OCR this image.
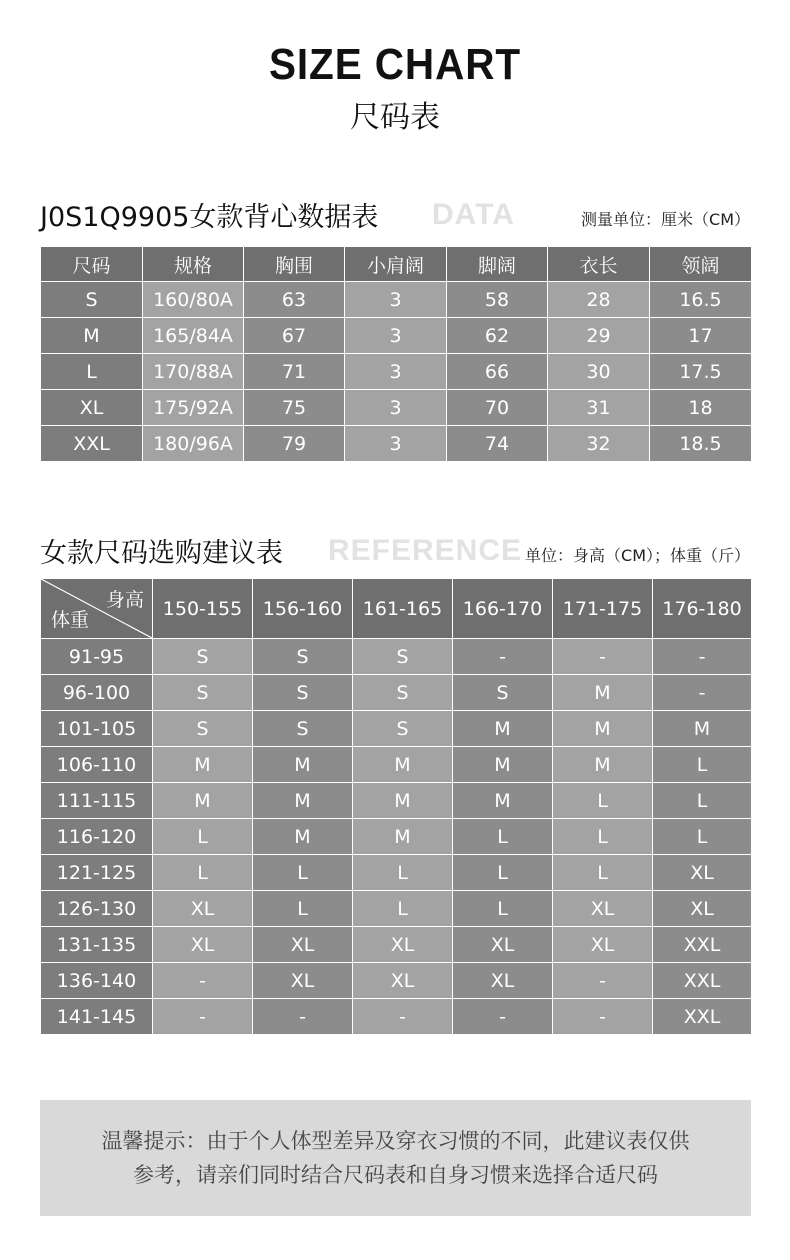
SIZE CHART
尺码表
J0S1Q9905女款背心数据表 DATA	测量单位：厘米（CM）
尺码	规格	胸围	小肩阔	脚阔	衣长	领阔
S	160/80A	63	3	58	28	16.5
M	165/84A	67	3	62	29	17
L	170/88A	71	3	66	30	17.5
XL	175/92A	75	3	70	31	18
XXL	180/96A	79	3	74	32	18.5
女款尺码选购建议表 REFERENCE 单位：身高（CM）；体重（斤）
身高
体重	150-155	156-160	161-165	166-170	171-175	176-180
91-95	S	S	S	-	-	-
96-100	S	S	S	S	M	-
101-105	S	S	S	M	M	M
106-110	M	M	M	M	M	L
111-115	M	M	M	M	L	L
116-120	L	M	M	L	L	L
121-125	L	L	L	L	L	XL
126-130	XL	L	L	L	XL	XL
131-135	XL	XL	XL	XL	XL	XXL
136-140	-	XL	XL	XL	-	XXL
141-145	-	-	-	-	-	XXL
温馨提示：由于个人体型差异及穿衣习惯的不同，此建议表仅供
参考，请亲们同时结合尺码表和自身习惯来选择合适尺码
